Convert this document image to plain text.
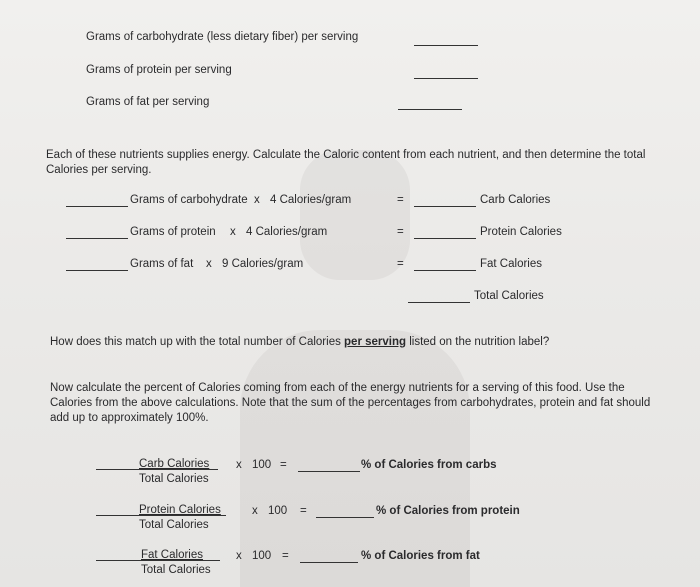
Grams of carbohydrate (less dietary fiber) per serving
Grams of protein per serving
Grams of fat per serving
Each of these nutrients supplies energy. Calculate the Caloric content from each nutrient, and then determine the total Calories per serving.
Grams of carbohydrate x 4 Calories/gram	=	Carb Calories
Grams of protein x 4 Calories/gram	=	Protein Calories
Grams of fat x 9 Calories/gram	=	Fat Calories
Total Calories
How does this match up with the total number of Calories per serving listed on the nutrition label?
Now calculate the percent of Calories coming from each of the energy nutrients for a serving of this food. Use the Calories from the above calculations. Note that the sum of the percentages from carbohydrates, protein and fat should add up to approximately 100%.
Carb Calories
Total Calories
x 100 =	% of Calories from carbs
Protein Calories
Total Calories
x 100 =	% of Calories from protein
Fat Calories
Total Calories
x 100 =	% of Calories from fat
